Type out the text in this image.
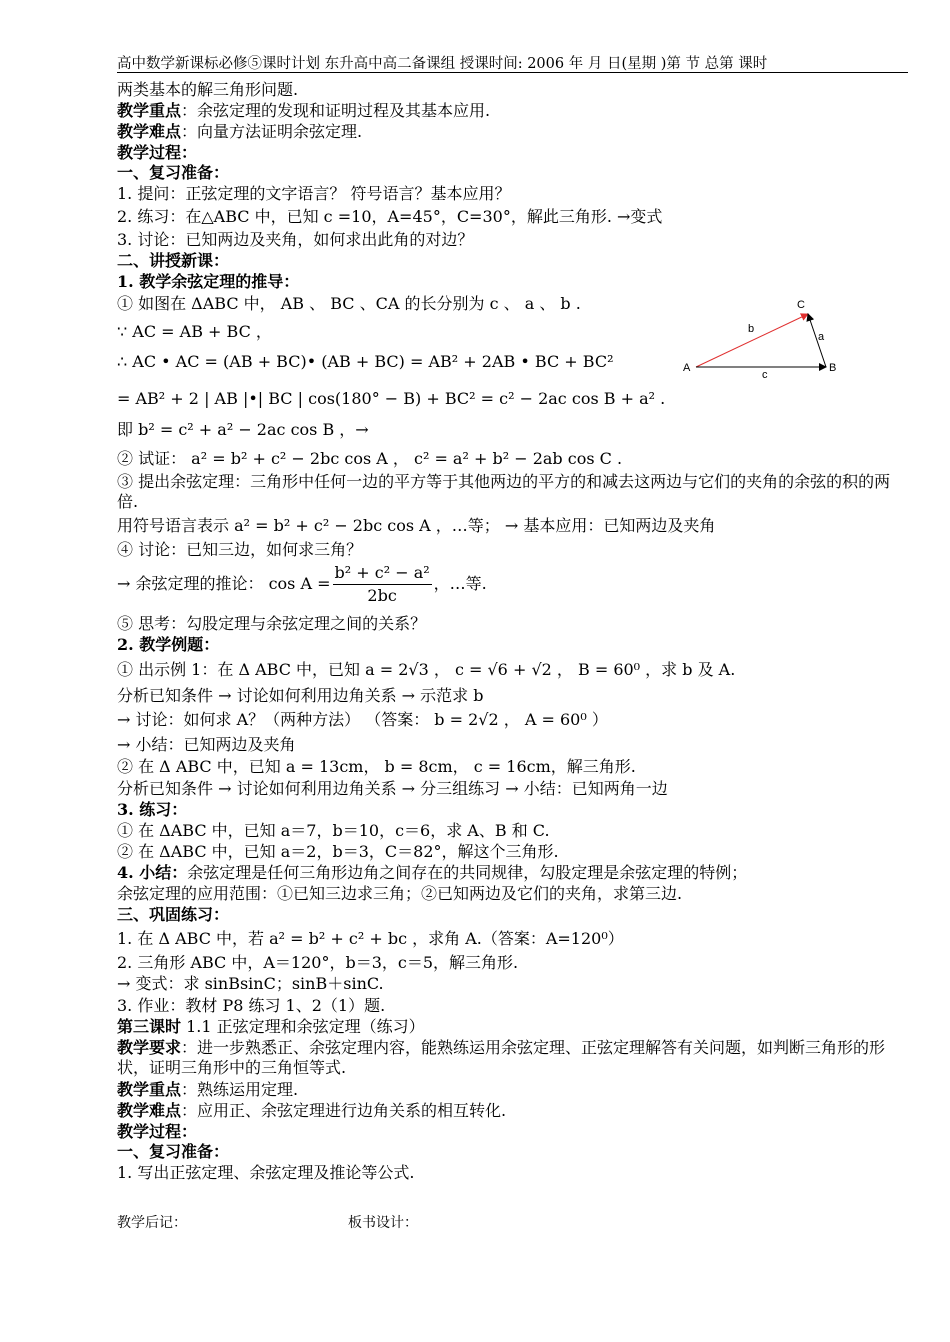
高中数学新课标必修⑤课时计划 东升高中高二备课组 授课时间: 2006 年 月 日(星期 )第 节 总第 课时
两类基本的解三角形问题.
教学重点：余弦定理的发现和证明过程及其基本应用.
教学难点：向量方法证明余弦定理.
教学过程：
一、复习准备：
1. 提问：正弦定理的文字语言？ 符号语言？基本应用？
2. 练习：在△ABC 中，已知 c =10，A=45°，C=30°，解此三角形. →变式
3. 讨论：已知两边及夹角，如何求出此角的对边？
二、讲授新课：
1. 教学余弦定理的推导：
① 如图在 ΔABC 中， AB 、 BC 、CA 的长分别为 c 、 a 、 b .
∵ AC = AB + BC ，
∴ AC • AC = (AB + BC)• (AB + BC) = AB² + 2AB • BC + BC²
= AB² + 2 | AB |•| BC | cos(180° − B) + BC² = c² − 2ac cos B + a² .
即 b² = c² + a² − 2ac cos B ，→
② 试证： a² = b² + c² − 2bc cos A ， c² = a² + b² − 2ab cos C .
③ 提出余弦定理：三角形中任何一边的平方等于其他两边的平方的和减去这两边与它们的夹角的余弦的积的两倍.
用符号语言表示 a² = b² + c² − 2bc cos A ，…等； → 基本应用：已知两边及夹角
④ 讨论：已知三边，如何求三角？
→ 余弦定理的推论： $\cos A = \frac{\text{b² + c² − a²}}{2bc}$ ，…等.
⑤ 思考：勾股定理与余弦定理之间的关系？
2. 教学例题：
① 出示例 1：在 Δ ABC 中，已知 a = 2√3 ， c = √6 + √2 ， B = 60⁰ ，求 b 及 A.
分析已知条件 → 讨论如何利用边角关系 → 示范求 b
→ 讨论：如何求 A？（两种方法） （答案： b = 2√2 ， A = 60⁰ ）
→ 小结：已知两边及夹角
② 在 Δ ABC 中，已知 a = 13cm， b = 8cm， c = 16cm，解三角形.
分析已知条件 → 讨论如何利用边角关系 → 分三组练习 → 小结：已知两角一边
3. 练习：
① 在 ΔABC 中，已知 a＝7，b＝10，c＝6，求 A、B 和 C.
② 在 ΔABC 中，已知 a＝2，b＝3，C＝82°，解这个三角形.
4. 小结：余弦定理是任何三角形边角之间存在的共同规律，勾股定理是余弦定理的特例；
余弦定理的应用范围：①已知三边求三角；②已知两边及它们的夹角，求第三边.
三、巩固练习：
1. 在 Δ ABC 中，若 a² = b² + c² + bc ，求角 A.（答案：A=120⁰）
2. 三角形 ABC 中，A＝120°，b＝3，c＝5，解三角形.
→ 变式：求 sinBsinC；sinB＋sinC.
3. 作业：教材 P8 练习 1、2（1）题.
第三课时 1.1 正弦定理和余弦定理（练习）
教学要求：进一步熟悉正、余弦定理内容，能熟练运用余弦定理、正弦定理解答有关问题，如判断三角形的形状，证明三角形中的三角恒等式.
教学重点：熟练运用定理.
教学难点：应用正、余弦定理进行边角关系的相互转化.
教学过程：
一、复习准备：
1. 写出正弦定理、余弦定理及推论等公式.
教学后记：	板书设计：
A	B
C
a
b
c
